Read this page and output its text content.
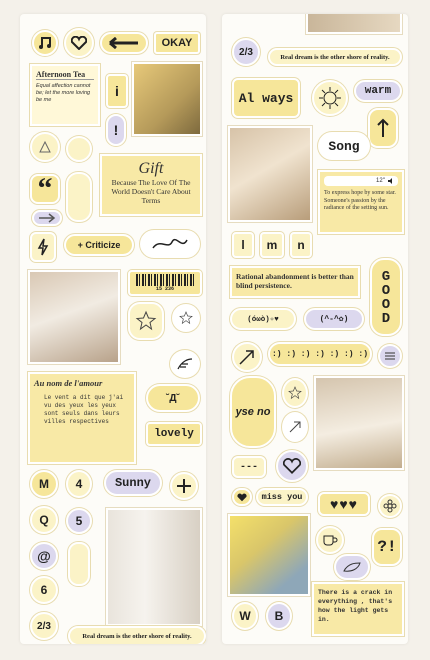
OKAY
Afternoon Tea
Equal affection cannot be; let the more loving be me
i
!
“
Gift
Because The Love Of The World Doesn't Care About Terms
+ Criticize
15 236
Au nom de l'amour
Le vent a dit que j'ai vu des yeux les yeux sont seuls dans leurs villes respectives
˘Д˘
lovely
M	4	Sunny
Q	5
@
6
2/3
Real dream is the other shore of reality.
2/3	Real dream is the other shore of reality.
Al ways	warm
Song
12''
To express hope by some star. Someone's passion by the radiance of the setting sun.
l	m	n
Rational abandonment is better than blind persistence.	GOOD
(óωò)✧♥	(^-^✿)
:) :) :) :) :) :) :)
yse no
---
miss you	♥♥♥
?!
W	B
There is a crack in everything , that's how the light gets in.
